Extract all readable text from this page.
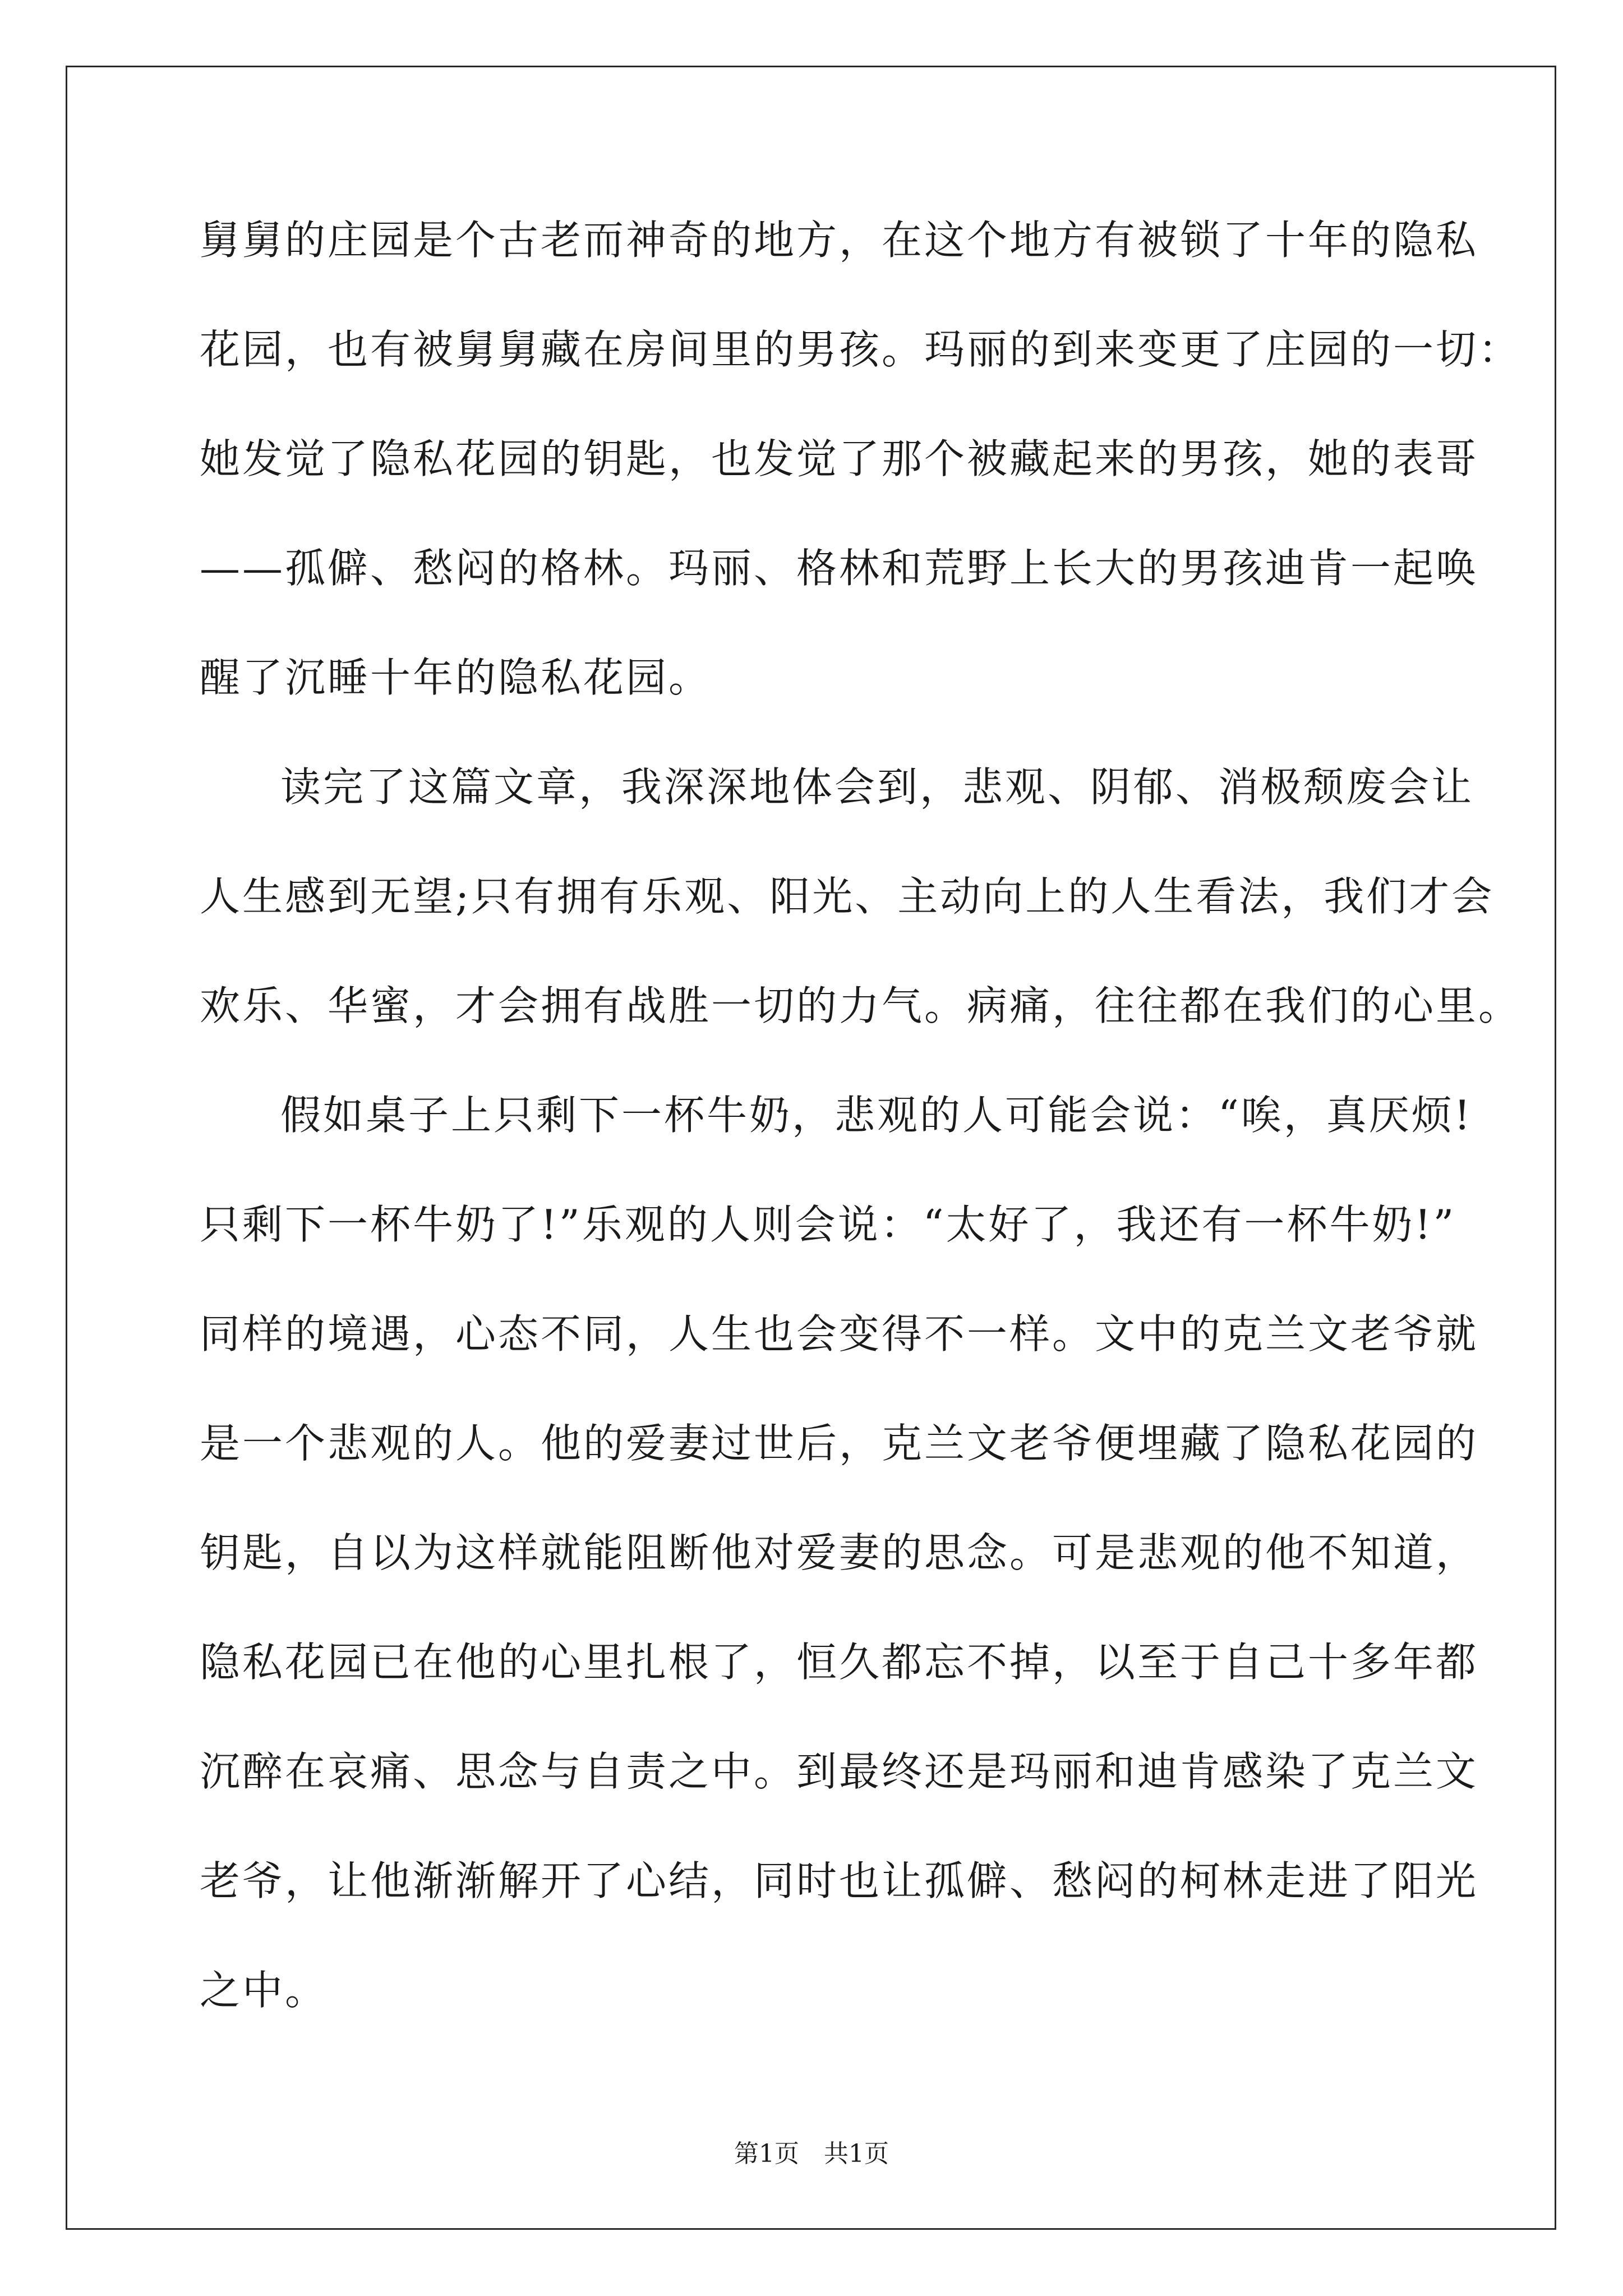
舅舅的庄园是个古老而神奇的地方，在这个地方有被锁了十年的隐私
花园，也有被舅舅藏在房间里的男孩。玛丽的到来变更了庄园的一切：
她发觉了隐私花园的钥匙，也发觉了那个被藏起来的男孩，她的表哥
——孤僻、愁闷的格林。玛丽、格林和荒野上长大的男孩迪肯一起唤
醒了沉睡十年的隐私花园。
读完了这篇文章，我深深地体会到，悲观、阴郁、消极颓废会让
人生感到无望;只有拥有乐观、阳光、主动向上的人生看法，我们才会
欢乐、华蜜，才会拥有战胜一切的力气。病痛，往往都在我们的心里。
假如桌子上只剩下一杯牛奶，悲观的人可能会说：“唉，真厌烦!
只剩下一杯牛奶了!”乐观的人则会说：“太好了，我还有一杯牛奶!”
同样的境遇，心态不同，人生也会变得不一样。文中的克兰文老爷就
是一个悲观的人。他的爱妻过世后，克兰文老爷便埋藏了隐私花园的
钥匙，自以为这样就能阻断他对爱妻的思念。可是悲观的他不知道，
隐私花园已在他的心里扎根了，恒久都忘不掉，以至于自己十多年都
沉醉在哀痛、思念与自责之中。到最终还是玛丽和迪肯感染了克兰文
老爷，让他渐渐解开了心结，同时也让孤僻、愁闷的柯林走进了阳光
之中。
第1页 共1页
